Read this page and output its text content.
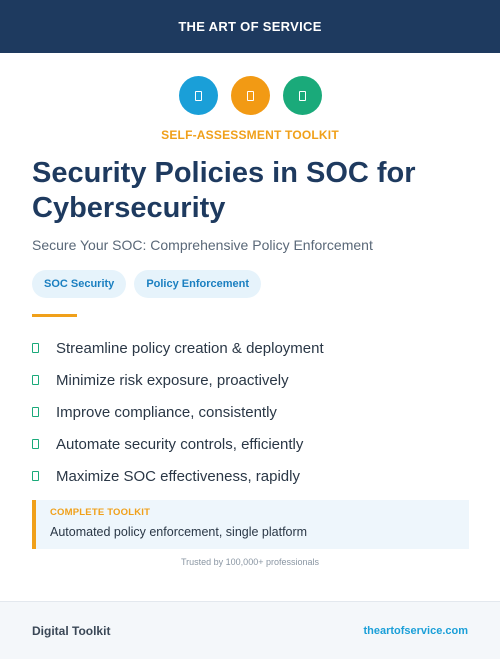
THE ART OF SERVICE
SELF-ASSESSMENT TOOLKIT
Security Policies in SOC for Cybersecurity
Secure Your SOC: Comprehensive Policy Enforcement
SOC Security	Policy Enforcement
Streamline policy creation & deployment
Minimize risk exposure, proactively
Improve compliance, consistently
Automate security controls, efficiently
Maximize SOC effectiveness, rapidly
COMPLETE TOOLKIT
Automated policy enforcement, single platform
Trusted by 100,000+ professionals
Digital Toolkit	theartofservice.com
